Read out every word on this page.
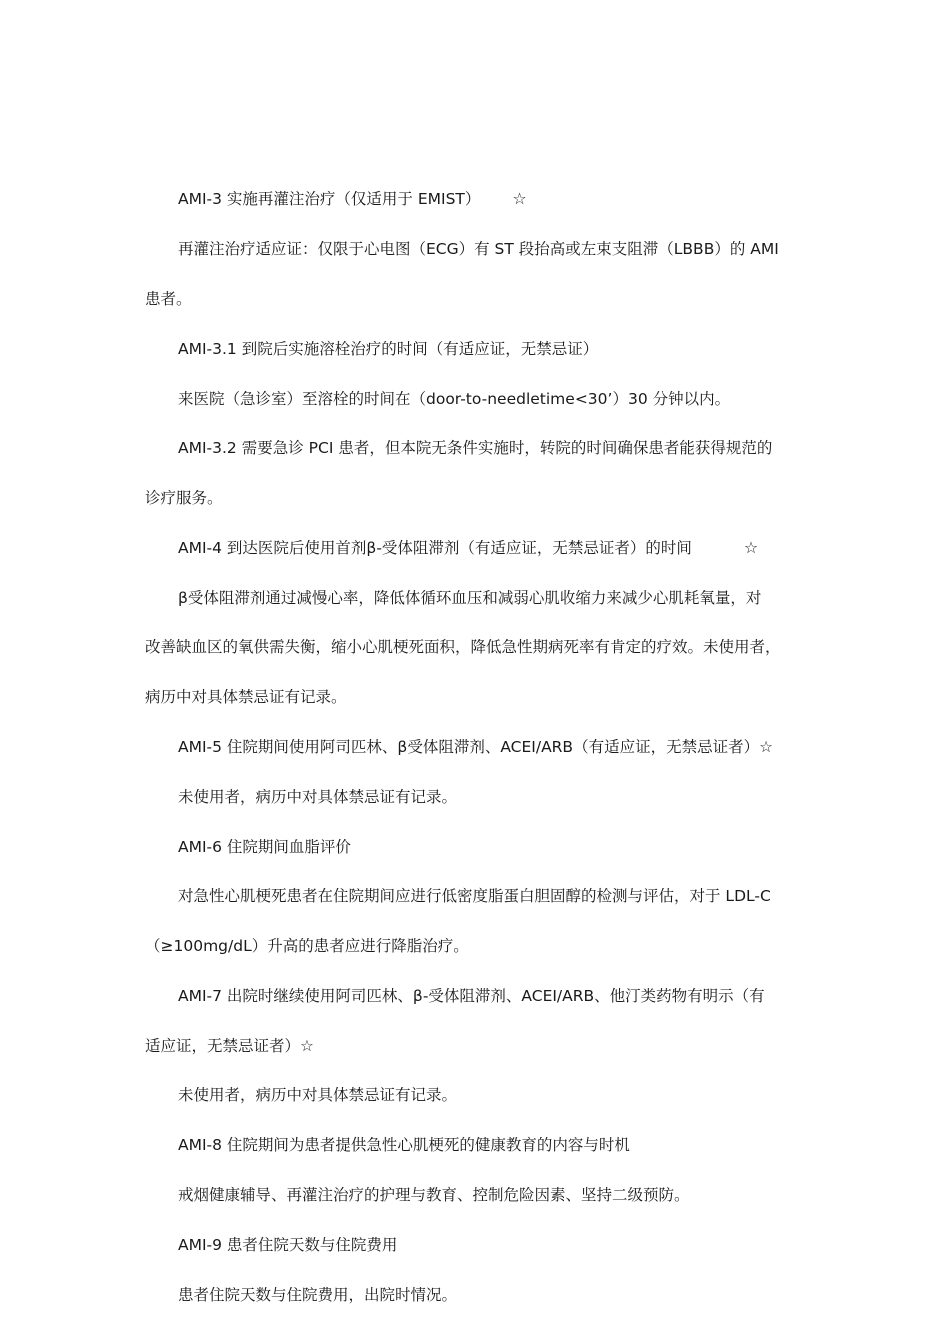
AMI-3 实施再灌注治疗（仅适用于 EMIST） ☆

再灌注治疗适应证：仅限于心电图（ECG）有 ST 段抬高或左束支阻滞（LBBB）的 AMI

患者。

AMI-3.1 到院后实施溶栓治疗的时间（有适应证，无禁忌证）

来医院（急诊室）至溶栓的时间在（door-to-needletime<30’）30 分钟以内。

AMI-3.2 需要急诊 PCI 患者，但本院无条件实施时，转院的时间确保患者能获得规范的

诊疗服务。

AMI-4 到达医院后使用首剂β-受体阻滞剂（有适应证，无禁忌证者）的时间	☆

β受体阻滞剂通过减慢心率，降低体循环血压和减弱心肌收缩力来减少心肌耗氧量，对

改善缺血区的氧供需失衡，缩小心肌梗死面积，降低急性期病死率有肯定的疗效。未使用者，

病历中对具体禁忌证有记录。

AMI-5 住院期间使用阿司匹林、β受体阻滞剂、ACEI/ARB（有适应证，无禁忌证者）☆

未使用者，病历中对具体禁忌证有记录。

AMI-6 住院期间血脂评价

对急性心肌梗死患者在住院期间应进行低密度脂蛋白胆固醇的检测与评估，对于 LDL-C

（≥100mg/dL）升高的患者应进行降脂治疗。

AMI-7 出院时继续使用阿司匹林、β-受体阻滞剂、ACEI/ARB、他汀类药物有明示（有

适应证，无禁忌证者）☆

未使用者，病历中对具体禁忌证有记录。

AMI-8 住院期间为患者提供急性心肌梗死的健康教育的内容与时机

戒烟健康辅导、再灌注治疗的护理与教育、控制危险因素、坚持二级预防。

AMI-9 患者住院天数与住院费用

患者住院天数与住院费用，出院时情况。
